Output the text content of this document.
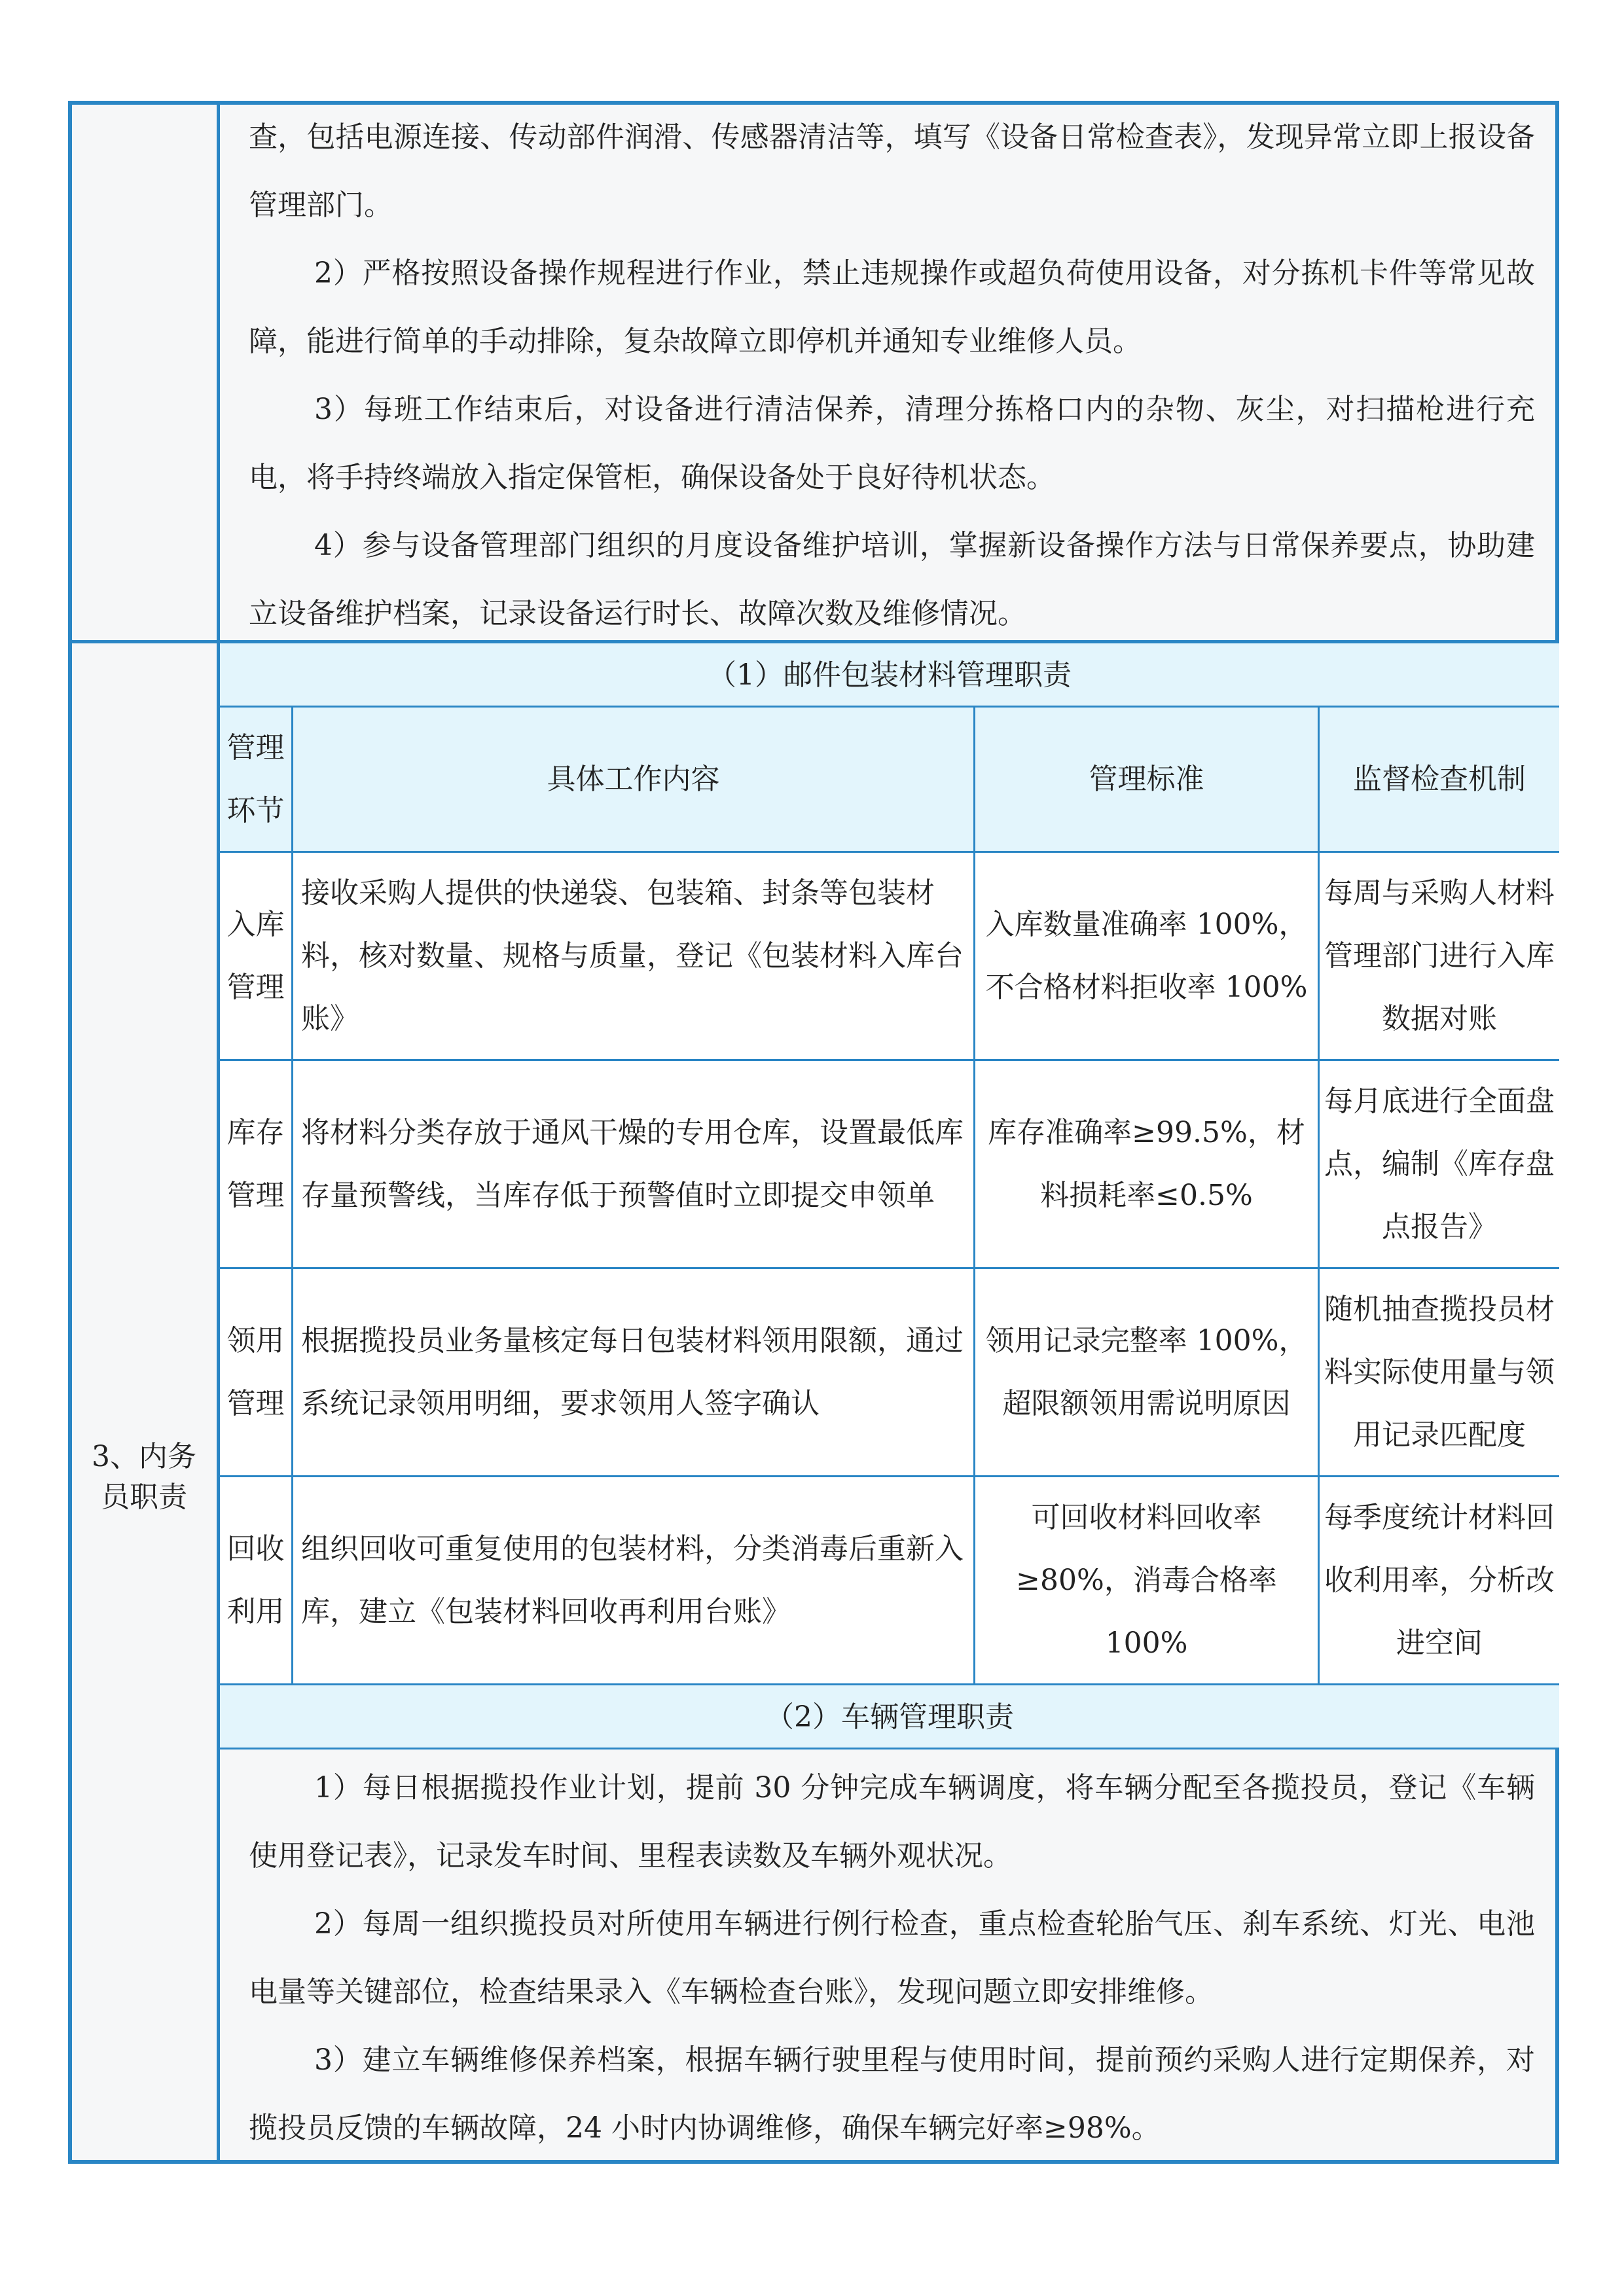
查，包括电源连接、传动部件润滑、传感器清洁等，填写《设备日常检查表》，发现异常立即上报设备管理部门。

2）严格按照设备操作规程进行作业，禁止违规操作或超负荷使用设备，对分拣机卡件等常见故障，能进行简单的手动排除，复杂故障立即停机并通知专业维修人员。

3）每班工作结束后，对设备进行清洁保养，清理分拣格口内的杂物、灰尘，对扫描枪进行充电，将手持终端放入指定保管柜，确保设备处于良好待机状态。

4）参与设备管理部门组织的月度设备维护培训，掌握新设备操作方法与日常保养要点，协助建立设备维护档案，记录设备运行时长、故障次数及维修情况。

3、内务员职责
（1）邮件包装材料管理职责
管理环节
具体工作内容	管理标准	监督检查机制
入库管理
接收采购人提供的快递袋、包装箱、封条等包装材料，核对数量、规格与质量，登记《包装材料入库台账》
入库数量准确率 100%，不合格材料拒收率 100%
每周与采购人材料管理部门进行入库数据对账
库存管理
将材料分类存放于通风干燥的专用仓库，设置最低库存量预警线，当库存低于预警值时立即提交申领单
库存准确率≥99.5%，材料损耗率≤0.5%
每月底进行全面盘点，编制《库存盘点报告》
领用管理
根据揽投员业务量核定每日包装材料领用限额，通过系统记录领用明细，要求领用人签字确认
领用记录完整率 100%，超限额领用需说明原因
随机抽查揽投员材料实际使用量与领用记录匹配度
回收利用
组织回收可重复使用的包装材料，分类消毒后重新入库，建立《包装材料回收再利用台账》
可回收材料回收率≥80%，消毒合格率 100%
每季度统计材料回收利用率，分析改进空间
（2）车辆管理职责

1）每日根据揽投作业计划，提前 30 分钟完成车辆调度，将车辆分配至各揽投员，登记《车辆使用登记表》，记录发车时间、里程表读数及车辆外观状况。

2）每周一组织揽投员对所使用车辆进行例行检查，重点检查轮胎气压、刹车系统、灯光、电池电量等关键部位，检查结果录入《车辆检查台账》，发现问题立即安排维修。

3）建立车辆维修保养档案，根据车辆行驶里程与使用时间，提前预约采购人进行定期保养，对揽投员反馈的车辆故障，24 小时内协调维修，确保车辆完好率≥98%。
